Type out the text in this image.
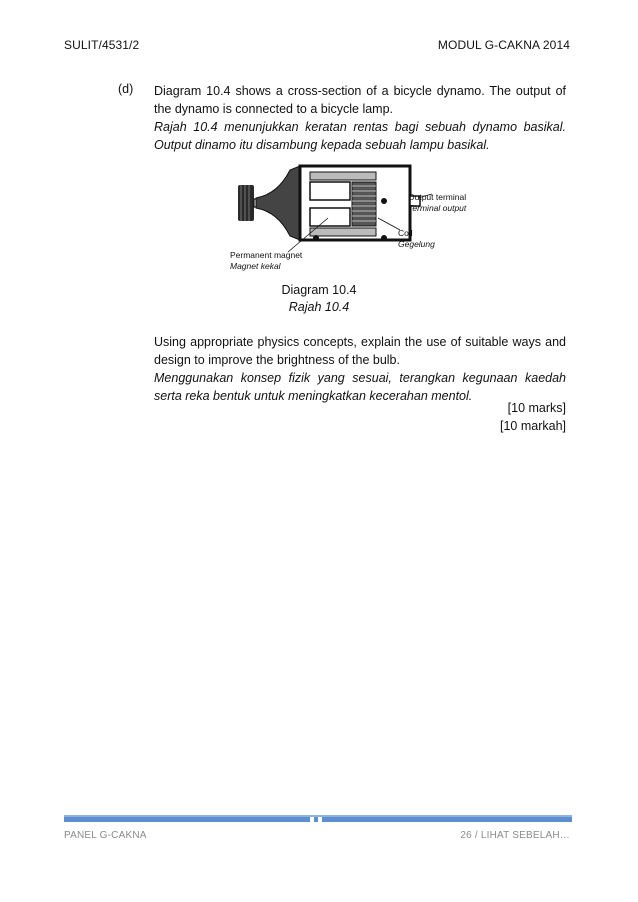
SULIT/4531/2	MODUL G-CAKNA 2014
(d) Diagram 10.4 shows a cross-section of a bicycle dynamo. The output of the dynamo is connected to a bicycle lamp.

Rajah 10.4 menunjukkan keratan rentas bagi sebuah dynamo basikal. Output dinamo itu disambung kepada sebuah lampu basikal.

Output terminal
Terminal output
Coil
Gegelung
Permanent magnet
Magnet kekal
Diagram 10.4
Rajah 10.4

Using appropriate physics concepts, explain the use of suitable ways and design to improve the brightness of the bulb.

Menggunakan konsep fizik yang sesuai, terangkan kegunaan kaedah serta reka bentuk untuk meningkatkan kecerahan mentol.

[10 marks]
[10 markah]
PANEL G-CAKNA	26 / LIHAT SEBELAH…
